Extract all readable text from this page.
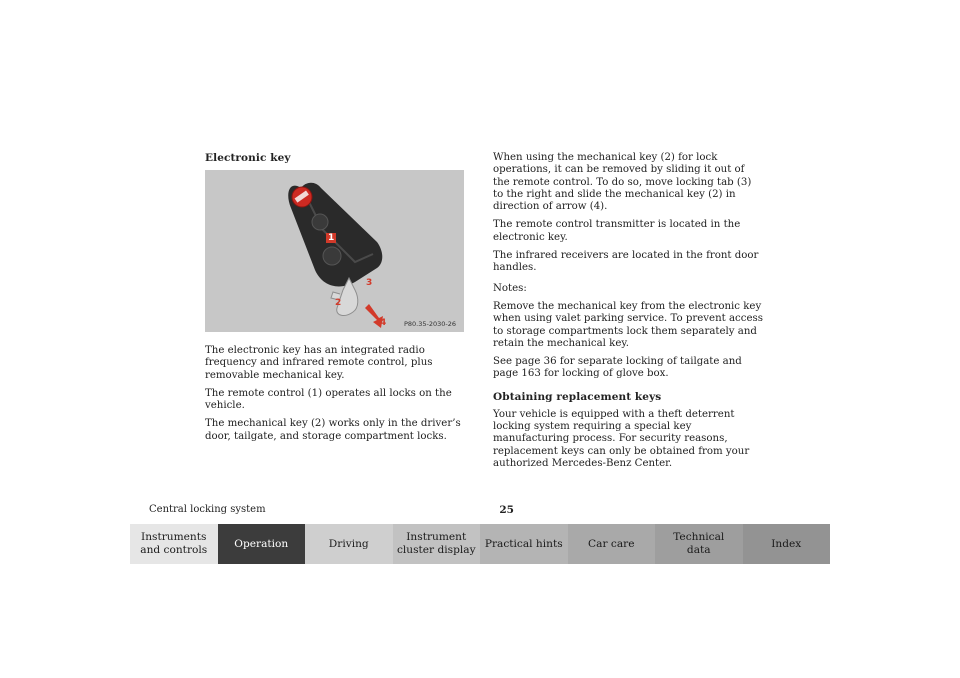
Electronic key
1
2
3
4	P80.35-2030-26

The electronic key has an integrated radio frequency and infrared remote control, plus removable mechanical key.

The remote control (1) operates all locks on the vehicle.

The mechanical key (2) works only in the driver’s door, tailgate, and storage compartment locks.

When using the mechanical key (2) for lock operations, it can be removed by sliding it out of the remote control. To do so, move locking tab (3) to the right and slide the mechanical key (2) in direction of arrow (4).

The remote control transmitter is located in the electronic key.

The infrared receivers are located in the front door handles.

Notes:

Remove the mechanical key from the electronic key when using valet parking service. To prevent access to storage compartments lock them separately and retain the mechanical key.

See page 36 for separate locking of tailgate and page 163 for locking of glove box.

Obtaining replacement keys

Your vehicle is equipped with a theft deterrent locking system requiring a special key manufacturing process. For security reasons, replacement keys can only be obtained from your authorized Mercedes-Benz Center.

Central locking system	25
Instruments
and controls
Operation	Driving
Instrument
cluster display
Practical hints Car care
Technical
data
Index
